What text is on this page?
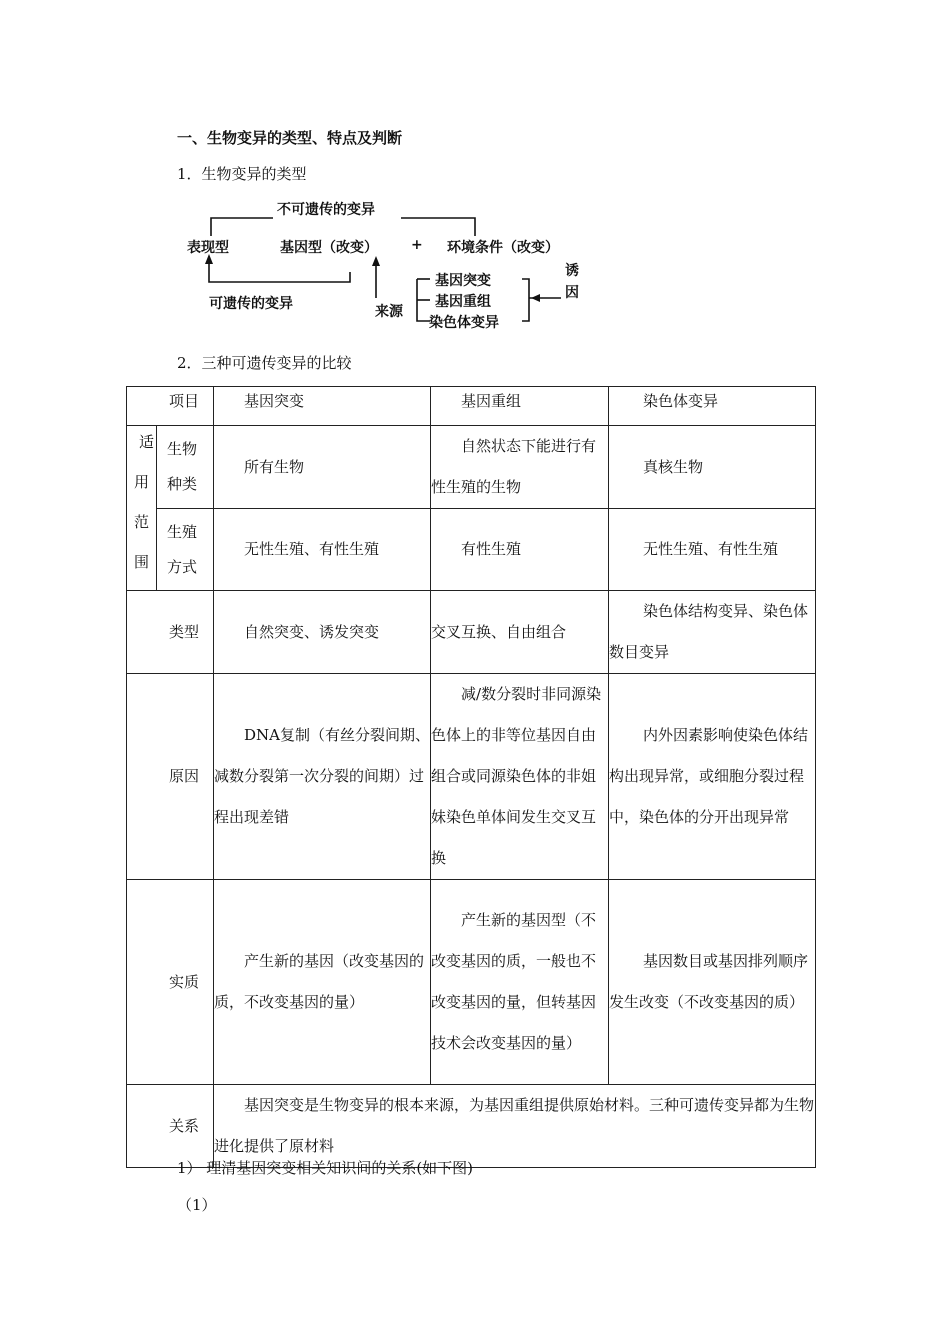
一、生物变异的类型、特点及判断
1．生物变异的类型
不可遗传的变异
表现型	基因型（改变） + 环境条件（改变）
可遗传的变异	来源
基因突变
基因重组
染色体变异
诱因
2．三种可遗传变异的比较
项目		基因突变	基因重组	染色体变异

适
用
范
围	生物种类	所有生物	自然状态下能进行有性生殖的生物	真核生物
	生殖方式	无性生殖、有性生殖	有性生殖	无性生殖、有性生殖
类型		自然突变、诱发突变	交叉互换、自由组合	染色体结构变异、染色体数目变异
原因		DNA复制（有丝分裂间期、减数分裂第一次分裂的间期）过程出现差错	减/数分裂时非同源染色体上的非等位基因自由组合或同源染色体的非姐妹染色单体间发生交叉互换	内外因素影响使染色体结构出现异常，或细胞分裂过程中，染色体的分开出现异常
实质		产生新的基因（改变基因的质，不改变基因的量）	产生新的基因型（不改变基因的质，一般也不改变基因的量，但转基因技术会改变基因的量）	基因数目或基因排列顺序发生改变（不改变基因的质）
关系		基因突变是生物变异的根本来源，为基因重组提供原始材料。三种可遗传变异都为生物进化提供了原材料		
1） 理清基因突变相关知识间的关系(如下图)
（1）
